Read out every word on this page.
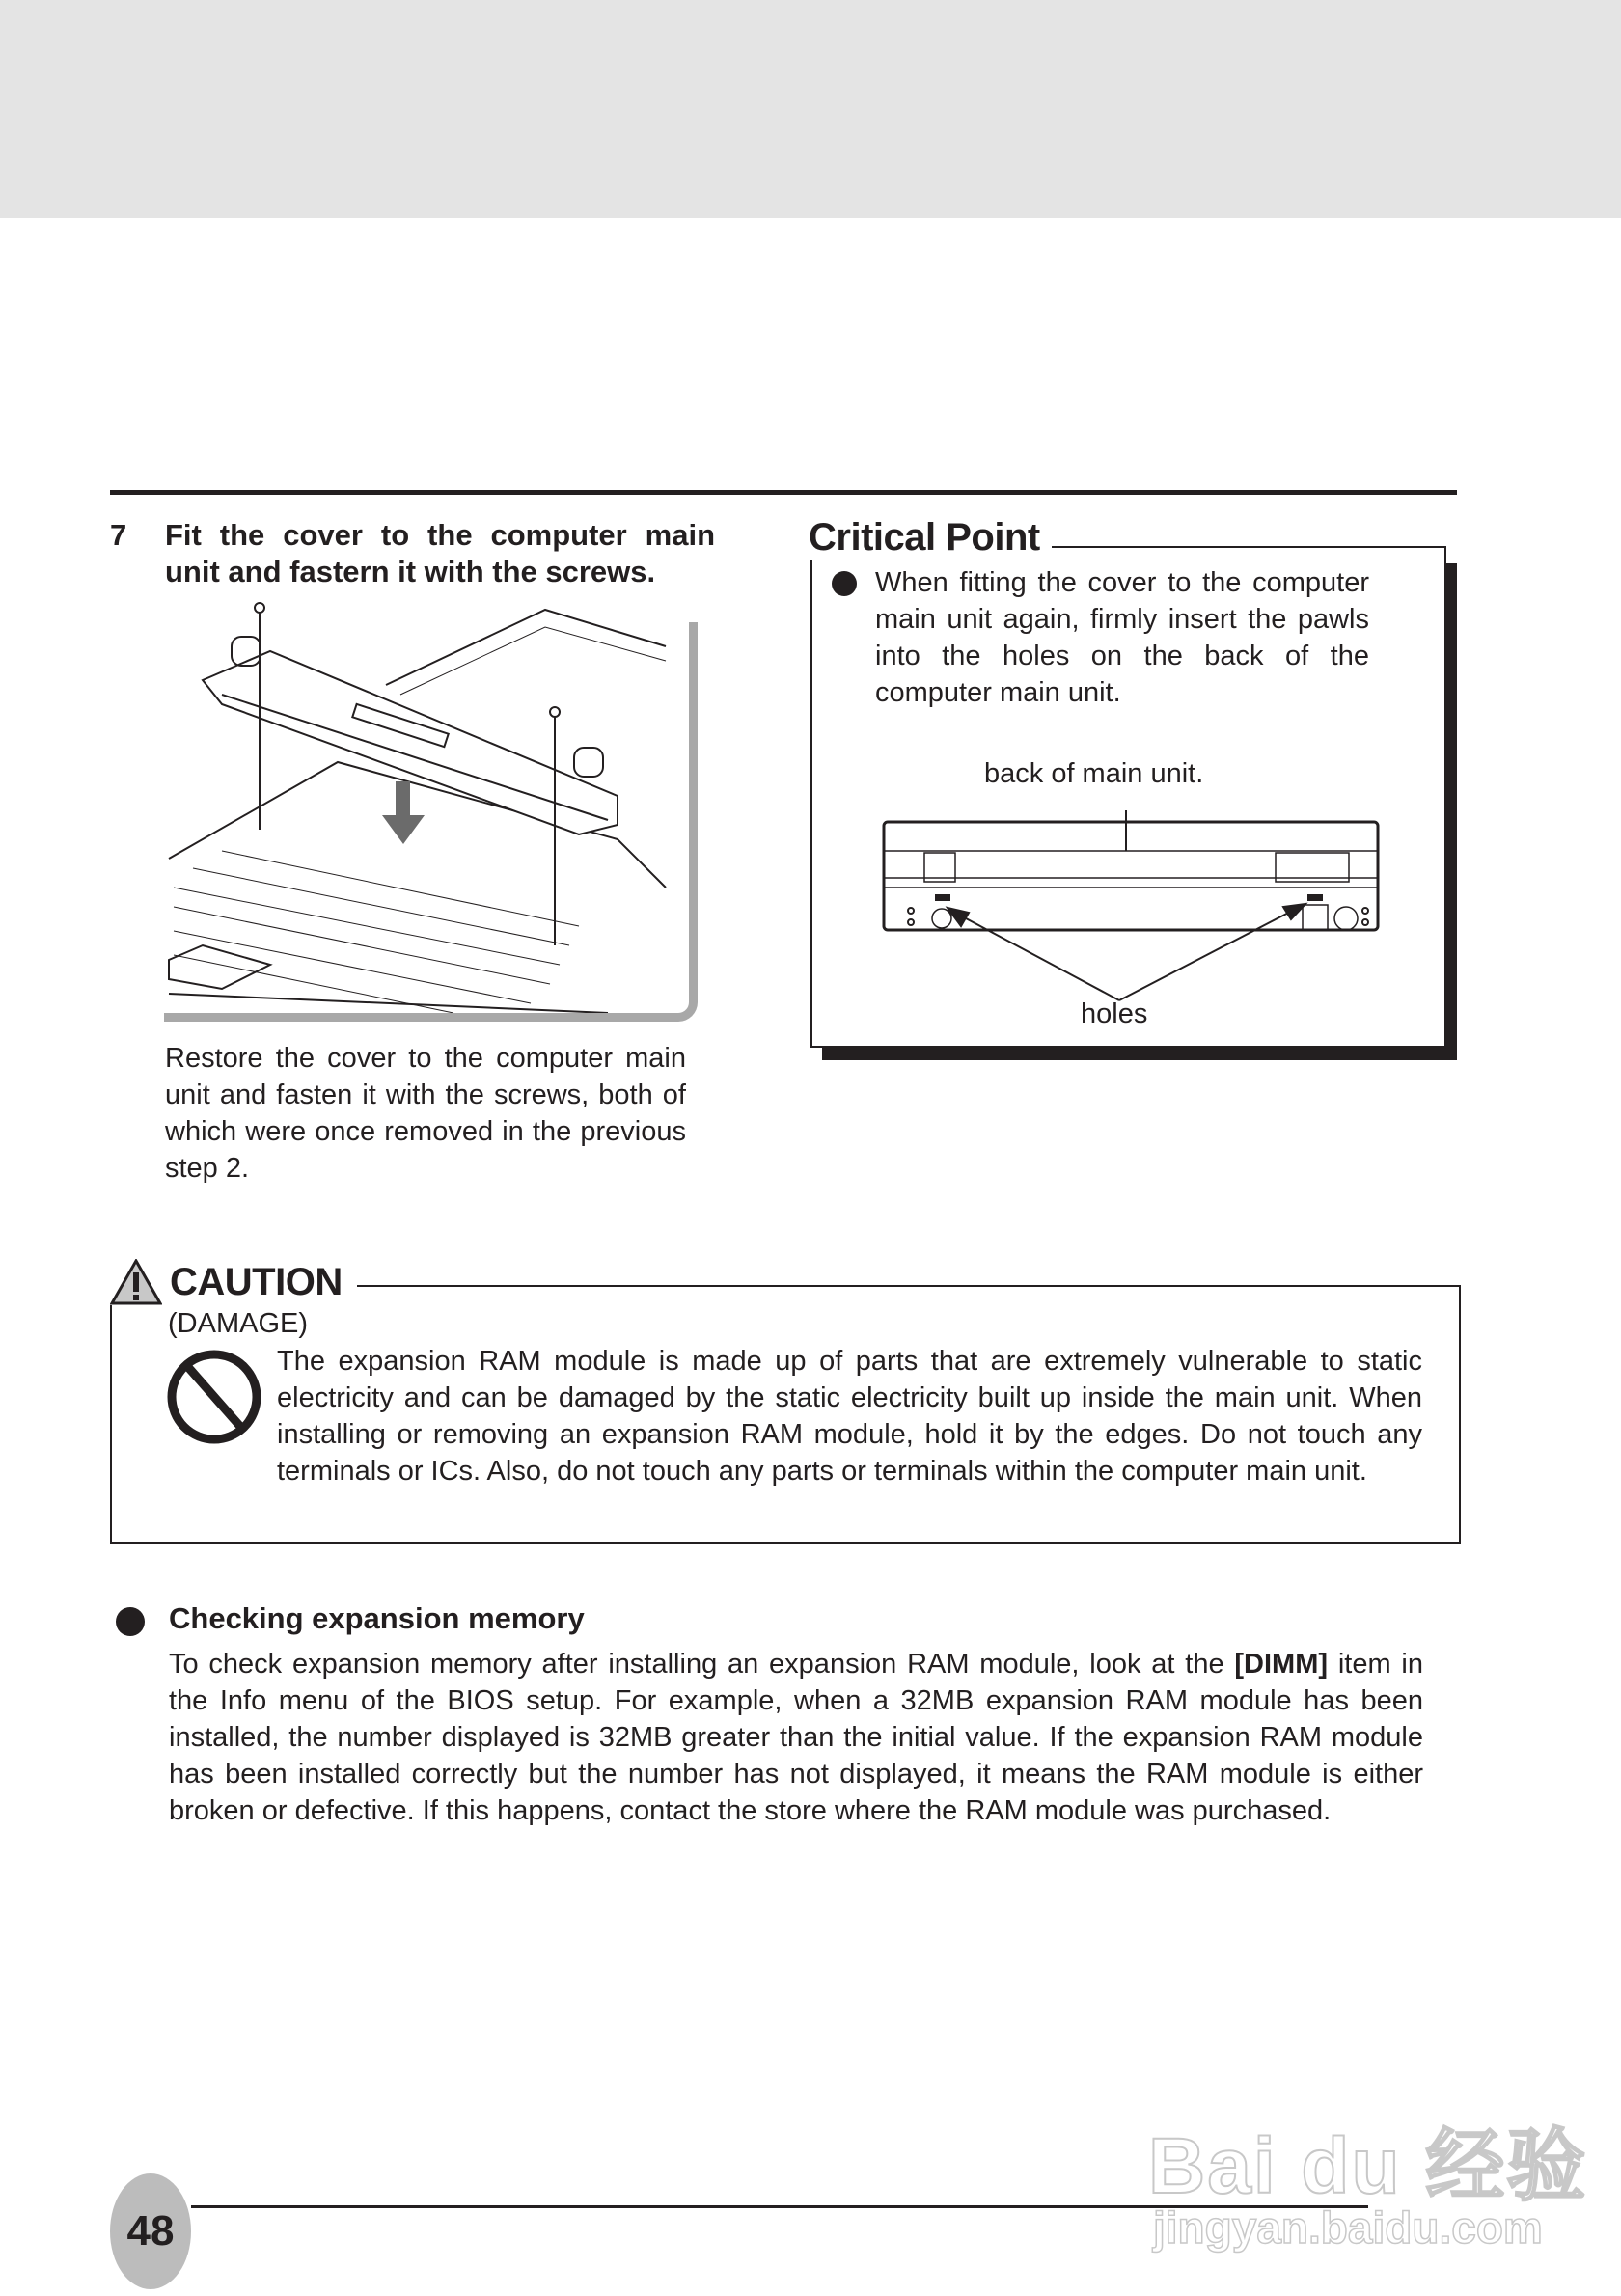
7 Fit the cover to the computer main unit and fastern it with the screws.
Restore the cover to the computer main unit and fasten it with the screws, both of which were once removed in the previous step 2.
Critical Point
When fitting the cover to the computer main unit again, firmly insert the pawls into the holes on the back of the computer main unit.
back of main unit.
holes
CAUTION
(DAMAGE)
The expansion RAM module is made up of parts that are extremely vulnerable to static electricity and can be damaged by the static electricity built up inside the main unit. When installing or removing an expansion RAM module, hold it by the edges. Do not touch any terminals or ICs. Also, do not touch any parts or terminals within the computer main unit.
Checking expansion memory
To check expansion memory after installing an expansion RAM module, look at the [DIMM] item in the Info menu of the BIOS setup. For example, when a 32MB expansion RAM module has been installed, the number displayed is 32MB greater than the initial value. If the expansion RAM module has been installed correctly but the number has not displayed, it means the RAM module is either broken or defective. If this happens, contact the store where the RAM module was purchased.
48
Bai du 经验
jingyan.baidu.com
